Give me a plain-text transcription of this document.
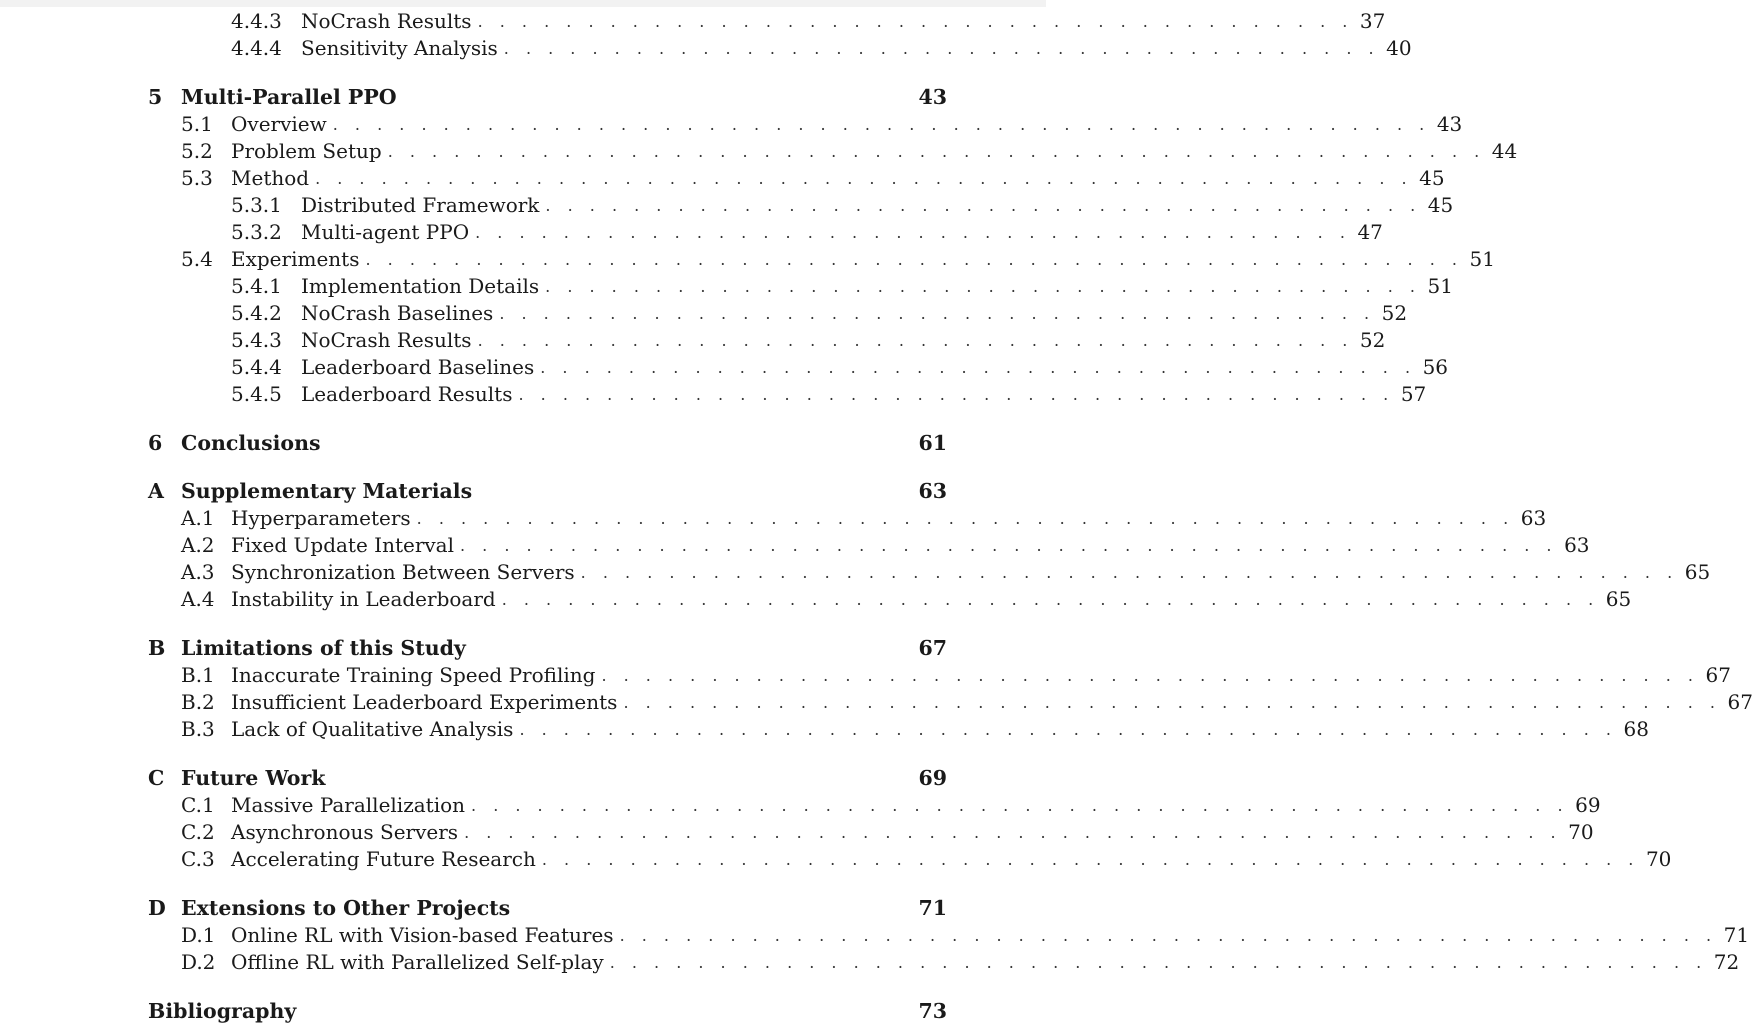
4.4.3 NoCrash Results . . . . . . . . . . . . . . . . . . . . . . . . . . . . . . . . . . . . . . . . 37
4.4.4 Sensitivity Analysis . . . . . . . . . . . . . . . . . . . . . . . . . . . . . . . . . . . . . . . . 40
5 Multi-Parallel PPO	43
5.1 Overview . . . . . . . . . . . . . . . . . . . . . . . . . . . . . . . . . . . . . . . . . . . . . . . . . . 43
5.2 Problem Setup . . . . . . . . . . . . . . . . . . . . . . . . . . . . . . . . . . . . . . . . . . . . . . . . . . 44
5.3 Method . . . . . . . . . . . . . . . . . . . . . . . . . . . . . . . . . . . . . . . . . . . . . . . . . . 45
5.3.1 Distributed Framework . . . . . . . . . . . . . . . . . . . . . . . . . . . . . . . . . . . . . . . . 45
5.3.2 Multi-agent PPO . . . . . . . . . . . . . . . . . . . . . . . . . . . . . . . . . . . . . . . . 47
5.4 Experiments . . . . . . . . . . . . . . . . . . . . . . . . . . . . . . . . . . . . . . . . . . . . . . . . . . 51
5.4.1 Implementation Details . . . . . . . . . . . . . . . . . . . . . . . . . . . . . . . . . . . . . . . . 51
5.4.2 NoCrash Baselines . . . . . . . . . . . . . . . . . . . . . . . . . . . . . . . . . . . . . . . . 52
5.4.3 NoCrash Results . . . . . . . . . . . . . . . . . . . . . . . . . . . . . . . . . . . . . . . . 52
5.4.4 Leaderboard Baselines . . . . . . . . . . . . . . . . . . . . . . . . . . . . . . . . . . . . . . . . 56
5.4.5 Leaderboard Results . . . . . . . . . . . . . . . . . . . . . . . . . . . . . . . . . . . . . . . . 57
6 Conclusions	61
A Supplementary Materials	63
A.1 Hyperparameters . . . . . . . . . . . . . . . . . . . . . . . . . . . . . . . . . . . . . . . . . . . . . . . . . . 63
A.2 Fixed Update Interval . . . . . . . . . . . . . . . . . . . . . . . . . . . . . . . . . . . . . . . . . . . . . . . . . . 63
A.3 Synchronization Between Servers . . . . . . . . . . . . . . . . . . . . . . . . . . . . . . . . . . . . . . . . . . . . . . . . . . 65
A.4 Instability in Leaderboard . . . . . . . . . . . . . . . . . . . . . . . . . . . . . . . . . . . . . . . . . . . . . . . . . . 65
B Limitations of this Study	67
B.1 Inaccurate Training Speed Profiling . . . . . . . . . . . . . . . . . . . . . . . . . . . . . . . . . . . . . . . . . . . . . . . . . . 67
B.2 Insufficient Leaderboard Experiments . . . . . . . . . . . . . . . . . . . . . . . . . . . . . . . . . . . . . . . . . . . . . . . . . . 67
B.3 Lack of Qualitative Analysis . . . . . . . . . . . . . . . . . . . . . . . . . . . . . . . . . . . . . . . . . . . . . . . . . . 68
C Future Work	69
C.1 Massive Parallelization . . . . . . . . . . . . . . . . . . . . . . . . . . . . . . . . . . . . . . . . . . . . . . . . . . 69
C.2 Asynchronous Servers . . . . . . . . . . . . . . . . . . . . . . . . . . . . . . . . . . . . . . . . . . . . . . . . . . 70
C.3 Accelerating Future Research . . . . . . . . . . . . . . . . . . . . . . . . . . . . . . . . . . . . . . . . . . . . . . . . . . 70
D Extensions to Other Projects	71
D.1 Online RL with Vision-based Features . . . . . . . . . . . . . . . . . . . . . . . . . . . . . . . . . . . . . . . . . . . . . . . . . . 71
D.2 Offline RL with Parallelized Self-play . . . . . . . . . . . . . . . . . . . . . . . . . . . . . . . . . . . . . . . . . . . . . . . . . . 72
Bibliography	73
